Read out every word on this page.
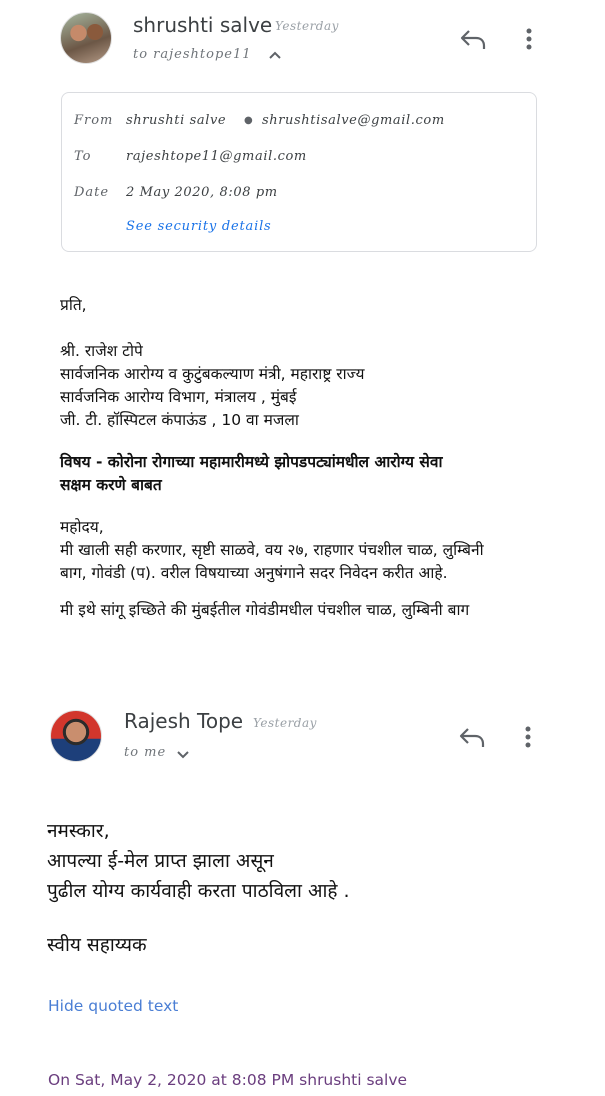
shrushti salve Yesterday
to rajeshtope11
From shrushti salve ● shrushtisalve@gmail.com
To	rajeshtope11@gmail.com
Date 2 May 2020, 8:08 pm
See security details
प्रति,
श्री. राजेश टोपे
सार्वजनिक आरोग्य व कुटुंबकल्याण मंत्री, महाराष्ट्र राज्य
सार्वजनिक आरोग्य विभाग, मंत्रालय , मुंबई
जी. टी. हॉस्पिटल कंपाऊंड , 10 वा मजला
विषय - कोरोना रोगाच्या महामारीमध्ये झोपडपट्यांमधील आरोग्य सेवा
सक्षम करणे बाबत
महोदय,
मी खाली सही करणार, सृष्टी साळवे, वय २७, राहणार पंचशील चाळ, लुम्बिनी
बाग, गोवंडी (प). वरील विषयाच्या अनुषंगाने सदर निवेदन करीत आहे.
मी इथे सांगू इच्छिते की मुंबईतील गोवंडीमधील पंचशील चाळ, लुम्बिनी बाग
Rajesh Tope Yesterday
to me
नमस्कार,
आपल्या ई-मेल प्राप्त झाला असून
पुढील योग्य कार्यवाही करता पाठविला आहे .
स्वीय सहाय्यक
Hide quoted text
On Sat, May 2, 2020 at 8:08 PM shrushti salve
